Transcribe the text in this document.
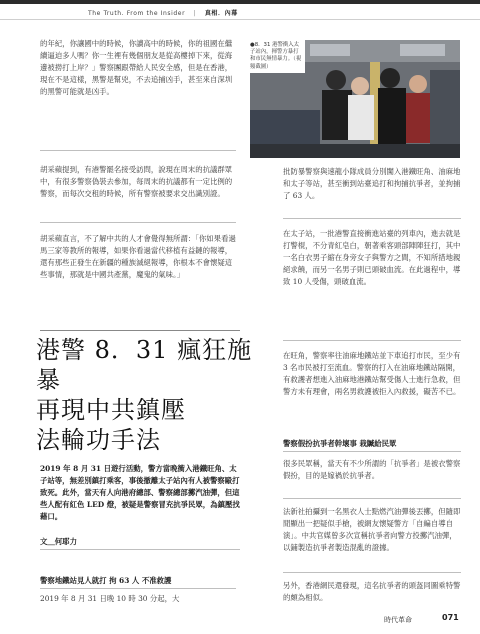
The Truth. From the Insider | 真相．內幕

的年紀，你讓國中的時候，你讀高中的時候，你的祖國在繼續逼迫多人嗎？你一生裡有幾個朋友是從高樓掉下來，從海邊被撈打上岸？」警察團跟帶給人民安全感，但是在香港，現在不是這樣，黑警是幫兇，不去追捕凶手，甚至來自深圳的黑警可能就是凶手。

胡采蘋提到，有港警罷名接受訪問，說現在周末的抗議群眾中，有很多警察偽裝去參加，每周末的抗議都有一定比例的警察，而每次交租的時候，所有警察被要求交出識別證。

胡采蘋直言，不了解中共的人才會覺得無所謂：「你如果看過馬三家等教所的報導，如果你看過當代移植有益鏈的報導，還有那些正發生在新疆的種族滅絕報導，你根本不會懷疑這些事情，那就是中國共產黨，魔鬼的氣味。」

●8．31 港警衝入太子站內，揮警方暴打和市民無情暴力。（視頻截圖）

批防暴警察與速龍小隊成員分別闖入港鐵旺角、油麻地和太子等站，甚至衝到站臺追打和拘捕抗爭者，並拘捕了 63 人。

在太子站，一批港警直接衝進站臺的列車內，進去就是打警棍，不分青紅皂白，朝著乘客頭部陣陣狂打，其中一名白衣男子縮在身旁女子與警方之間，不知所措地親絕求饒，而另一名男子則已頭破血流。在此過程中，導致 10 人受傷，頭破血流。

在旺角，警察率往油麻地鐵站並下車追打市民，至少有 3 名市民被打至流血。警察的打入在油麻地鐵站隔開，有救護者想進入油麻地港鐵站幫受傷人士進行急救，但警方未有理會，兩名男救護被拒入內救援，礙苦不已。

警察假扮抗爭者幹壞事 栽贓給民眾

很多民眾稱，當天有不少所謂的「抗爭者」是被衣警察假扮，目的是嫁禍於抗爭者。

法新社拍攝到一名黑衣人士點燃汽油彈後丟擲，但隨即閒顯出一把疑似手槍，被網友懷疑警方「自編自導自演」。中共官媒曾多次宣稱抗爭者向警方投擲汽油彈，以鋪製造抗爭者製造混亂的證據。

另外，香港網民還發現，這名抗爭者的頭盔同圖乘特警的頗為相似。

港警 8．31 瘋狂施暴
再現中共鎮壓
法輪功手法

2019 年 8 月 31 日遊行活動，警方當晚衝入港鐵旺角、太子站等，無差別鎮打乘客，事後撤離太子站內有人被警察毆打致死。此外，當天有人向港府總部、警察總部擲汽油彈，但這些人配有紅色 LED 燈，被疑是警察冒充抗爭民眾，為鎮壓找藉口。

文＿何耶力
警察地鐵站見人就打 拘 63 人 不准救護

2019 年 8 月 31 日晚 10 時 30 分起，大

時代革命	071
